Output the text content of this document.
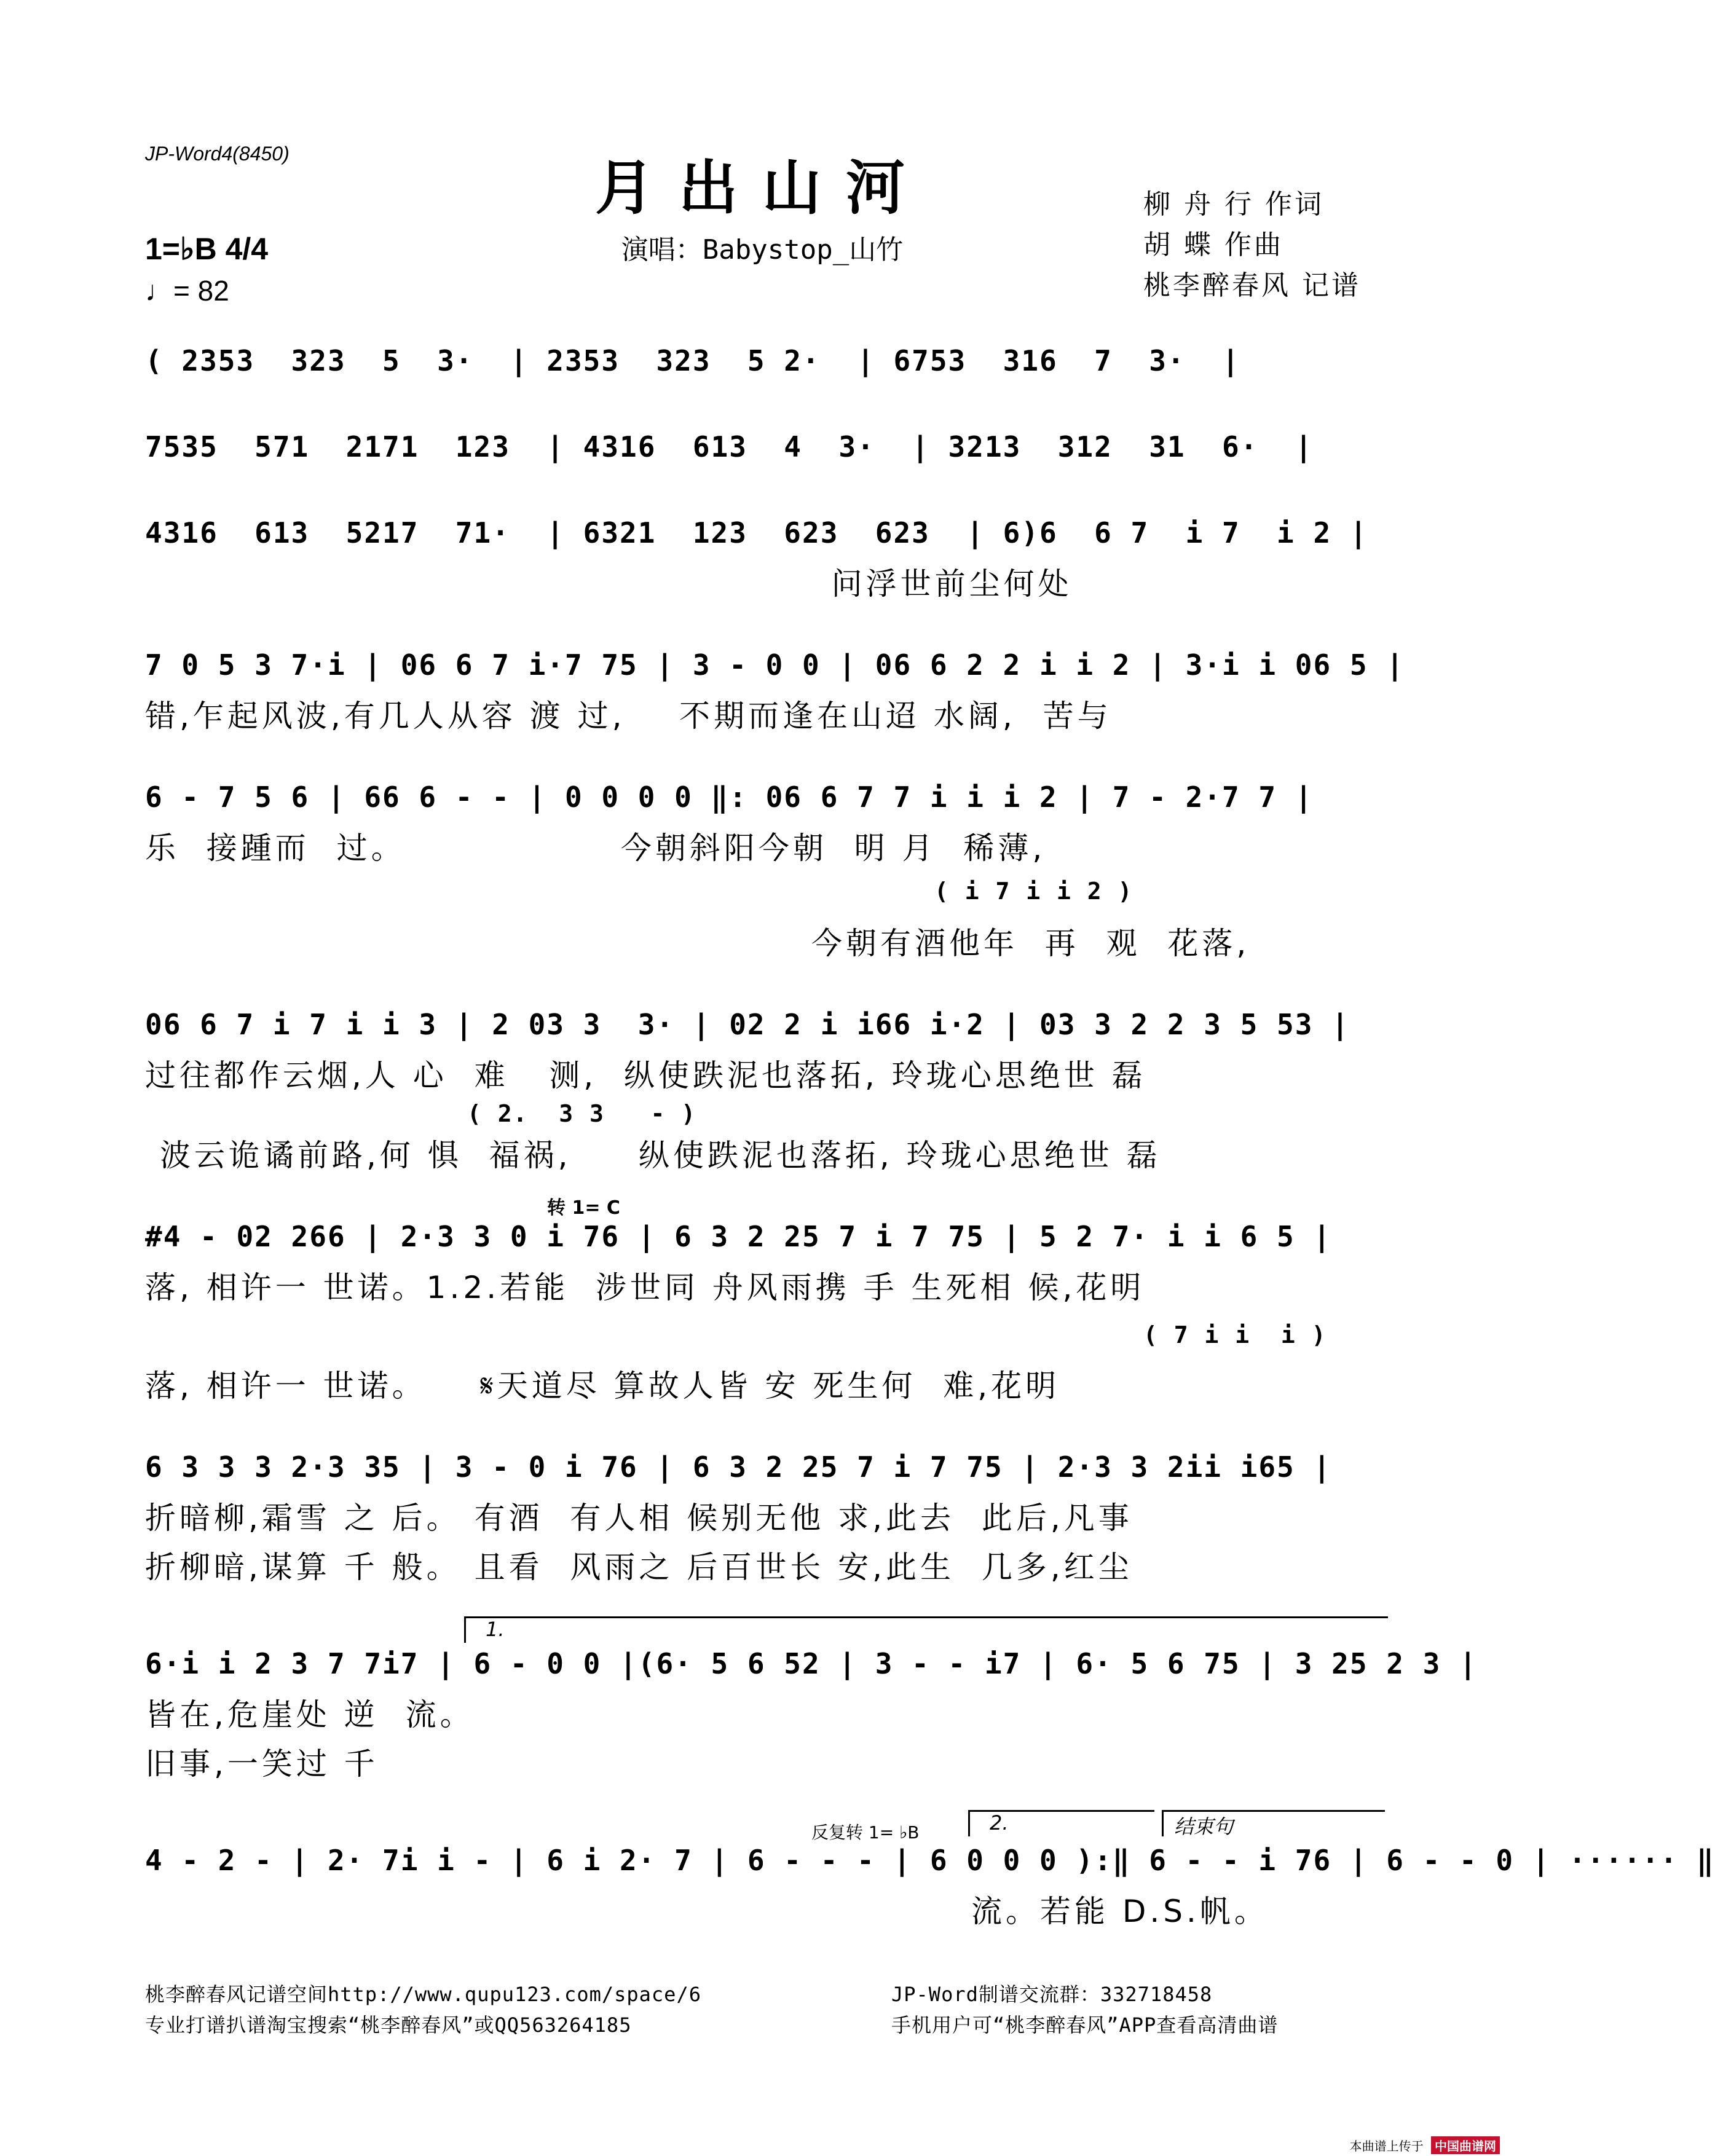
JP-Word4(8450)	月出山河
演唱：Babystop_山竹
柳 舟 行 作词
胡 蝶 作曲
桃李醉春风 记谱
1=♭B 4/4
♩= 82
( 2353  323  5  3·  | 2353  323  5 2·  | 6753  316  7  3·  |
7535  571  2171  123  | 4316  613  4  3·  | 3213  312  31  6·  |
4316  613  5217  71·  | 6321  123  623  623  | 6)6  6 7  i 7  i 2 |
问浮世前尘何处
7 0 5 3 7·i | 06 6 7 i·7 75 | 3 - 0 0 | 06 6 2 2 i i 2 | 3·i i 06 5 |
错,乍起风波,有几人从容 渡 过,    不期而逢在山迢 水阔,  苦与
6 - 7 5 6 | 66 6 - - | 0 0 0 0 ‖: 06 6 7 7 i i i 2 | 7 - 2·7 7 |
乐  接踵而  过。                今朝斜阳今朝  明 月  稀薄,
( i 7 i i 2 )
今朝有酒他年  再  观  花落,
06 6 7 i 7 i i 3 | 2 03 3  3· | 02 2 i i66 i·2 | 03 3 2 2 3 5 53 |
过往都作云烟,人 心  难   测,  纵使跌泥也落拓, 玲珑心思绝世 磊
( 2.  3 3   - )
波云诡谲前路,何 惧  福祸,     纵使跌泥也落拓, 玲珑心思绝世 磊
转 1= C
#4 - 02 266 | 2·3 3 0 i 76 | 6 3 2 25 7 i 7 75 | 5 2 7· i i 6 5 |
落, 相许一 世诺。1.2.若能  涉世同 舟风雨携 手 生死相 候,花明
( 7 i i  i )
落, 相许一 世诺。    𝄋天道尽 算故人皆 安 死生何  难,花明
6 3 3 3 2·3 35 | 3 - 0 i 76 | 6 3 2 25 7 i 7 75 | 2·3 3 2ii i65 |
折暗柳,霜雪 之 后。 有酒  有人相 候别无他 求,此去  此后,凡事
折柳暗,谋算 千 般。 且看  风雨之 后百世长 安,此生  几多,红尘
1.
6·i i 2 3 7 7i7 | 6 - 0 0 |(6· 5 6 52 | 3 - - i7 | 6· 5 6 75 | 3 25 2 3 |
皆在,危崖处 逆  流。
旧事,一笑过 千
反复转 1= ♭B	2.	结束句
4 - 2 - | 2· 7i i - | 6 i 2· 7 | 6 - - - | 6 0 0 0 ):‖ 6 - - i 76 | 6 - - 0 | ······ ‖
流。若能 D.S.帆。
桃李醉春风记谱空间http://www.qupu123.com/space/6
专业打谱扒谱淘宝搜索“桃李醉春风”或QQ563264185
JP-Word制谱交流群：332718458
手机用户可“桃李醉春风”APP查看高清曲谱
本曲谱上传于 中国曲谱网
